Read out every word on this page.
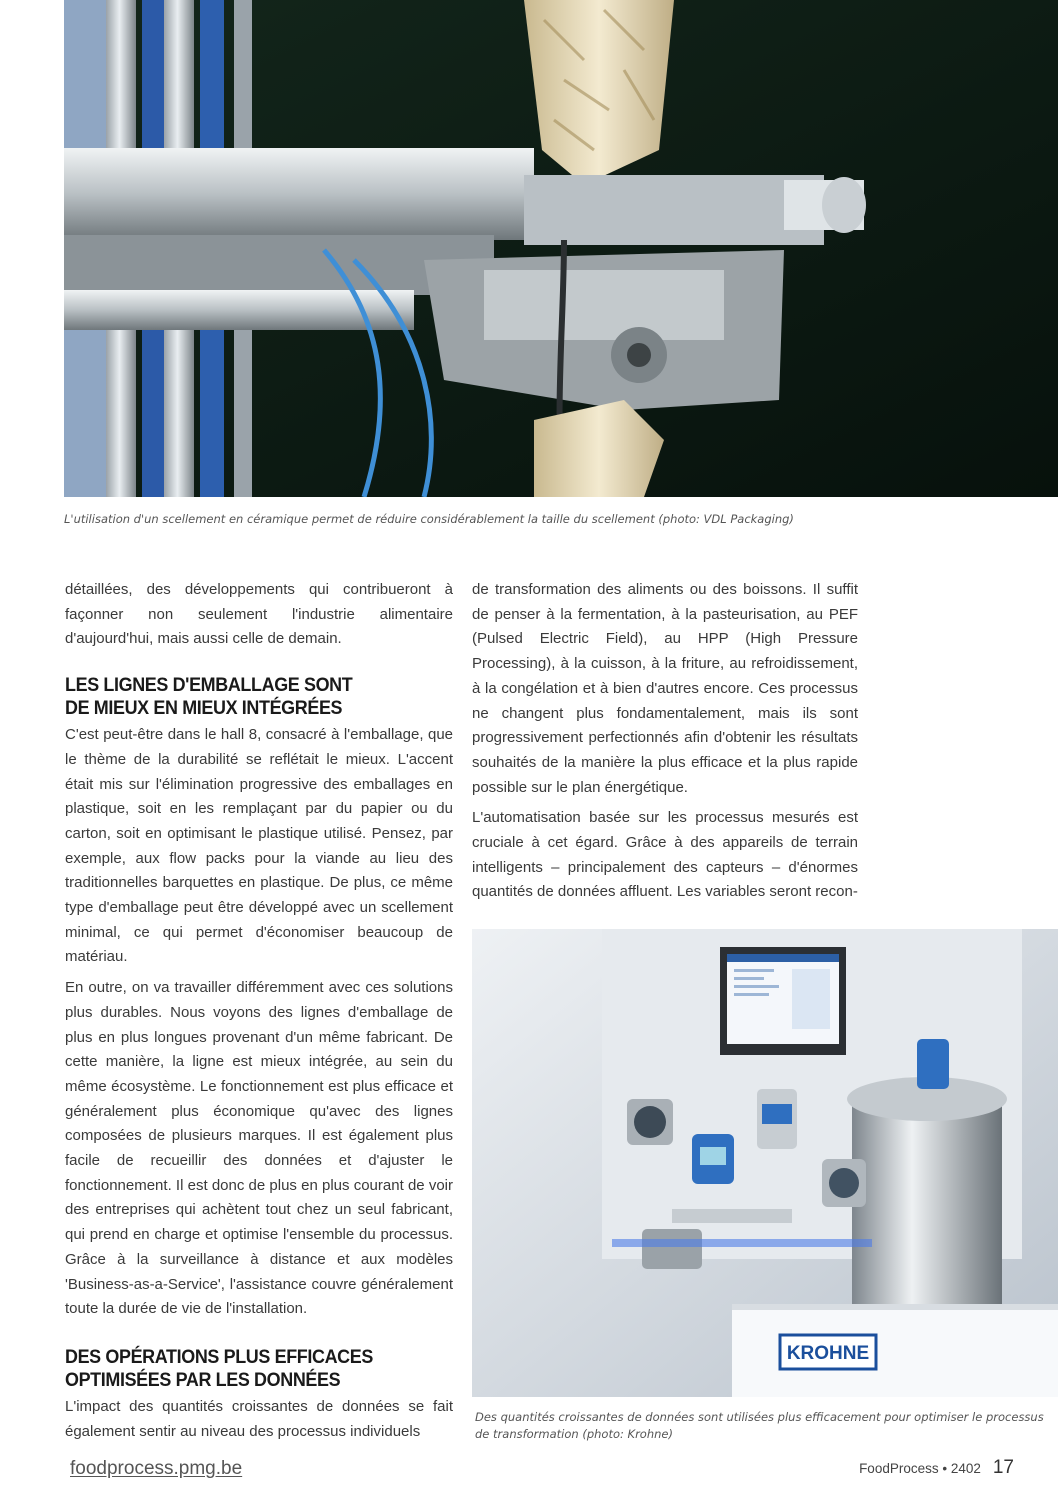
L'utilisation d'un scellement en céramique permet de réduire considérablement la taille du scellement (photo: VDL Packaging)

détaillées, des développements qui contribueront à façonner non seulement l'industrie alimentaire d'aujourd'hui, mais aussi celle de demain.

LES LIGNES D'EMBALLAGE SONT
DE MIEUX EN MIEUX INTÉGRÉES

C'est peut-être dans le hall 8, consacré à l'emballage, que le thème de la durabilité se reflétait le mieux. L'accent était mis sur l'élimination progressive des emballages en plastique, soit en les remplaçant par du papier ou du carton, soit en optimisant le plastique utilisé. Pensez, par exemple, aux flow packs pour la viande au lieu des traditionnelles barquettes en plastique. De plus, ce même type d'emballage peut être développé avec un scellement minimal, ce qui permet d'économiser beaucoup de matériau.

En outre, on va travailler différemment avec ces solutions plus durables. Nous voyons des lignes d'emballage de plus en plus longues provenant d'un même fabricant. De cette manière, la ligne est mieux intégrée, au sein du même écosystème. Le fonctionnement est plus efficace et généralement plus économique qu'avec des lignes composées de plusieurs marques. Il est également plus facile de recueillir des données et d'ajuster le fonctionnement. Il est donc de plus en plus courant de voir des entreprises qui achètent tout chez un seul fabricant, qui prend en charge et optimise l'ensemble du processus. Grâce à la surveillance à distance et aux modèles 'Business-as-a-Service', l'assistance couvre généralement toute la durée de vie de l'installation.

DES OPÉRATIONS PLUS EFFICACES
OPTIMISÉES PAR LES DONNÉES

L'impact des quantités croissantes de données se fait également sentir au niveau des processus individuels

de transformation des aliments ou des boissons. Il suffit de penser à la fermentation, à la pasteurisation, au PEF (Pulsed Electric Field), au HPP (High Pressure Processing), à la cuisson, à la friture, au refroidissement, à la congélation et à bien d'autres encore. Ces processus ne changent plus fondamentalement, mais ils sont progressivement perfectionnés afin d'obtenir les résultats souhaités de la manière la plus efficace et la plus rapide possible sur le plan énergétique.

L'automatisation basée sur les processus mesurés est cruciale à cet égard. Grâce à des appareils de terrain intelligents – principalement des capteurs – d'énormes quantités de données affluent. Les variables seront recon-

KROHNE
Des quantités croissantes de données sont utilisées plus efficacement pour optimiser le processus de transformation (photo: Krohne)
foodprocess.pmg.be	FoodProcess • 2402 17
